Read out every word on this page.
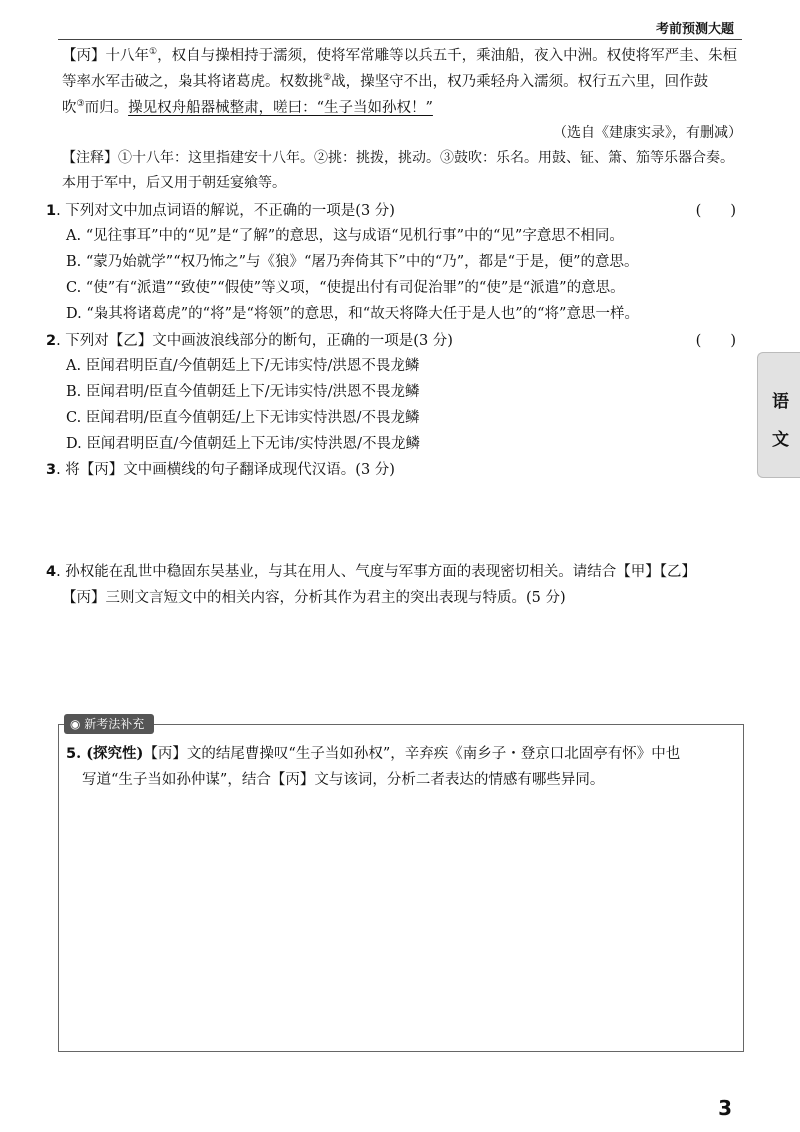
考前预测大题
【丙】十八年①，权自与操相持于濡须，使将军常雕等以兵五千，乘油船，夜入中洲。权使将军严圭、朱桓
等率水军击破之，枭其将诸葛虎。权数挑②战，操坚守不出，权乃乘轻舟入濡须。权行五六里，回作鼓
吹③而归。操见权舟船器械整肃，嗟曰：“生子当如孙权！”
（选自《建康实录》，有删减）
【注释】①十八年：这里指建安十八年。②挑：挑拨，挑动。③鼓吹：乐名。用鼓、钲、箫、笳等乐器合奏。
本用于军中，后又用于朝廷宴飨等。
1. 下列对文中加点词语的解说，不正确的一项是(3 分)	(　　)
A. “见往事耳”中的“见”是“了解”的意思，这与成语“见机行事”中的“见”字意思不相同。
B. “蒙乃始就学”“权乃怖之”与《狼》“屠乃奔倚其下”中的“乃”，都是“于是，便”的意思。
C. “使”有“派遣”“致使”“假使”等义项，“使提出付有司促治罪”的“使”是“派遣”的意思。
D. “枭其将诸葛虎”的“将”是“将领”的意思，和“故天将降大任于是人也”的“将”意思一样。
2. 下列对【乙】文中画波浪线部分的断句，正确的一项是(3 分)	(　　)
A. 臣闻君明臣直/今值朝廷上下/无讳实恃/洪恩不畏龙鳞
B. 臣闻君明/臣直今值朝廷上下/无讳实恃/洪恩不畏龙鳞
C. 臣闻君明/臣直今值朝廷/上下无讳实恃洪恩/不畏龙鳞
D. 臣闻君明臣直/今值朝廷上下无讳/实恃洪恩/不畏龙鳞
3. 将【丙】文中画横线的句子翻译成现代汉语。(3 分)
4. 孙权能在乱世中稳固东吴基业，与其在用人、气度与军事方面的表现密切相关。请结合【甲】【乙】
【丙】三则文言短文中的相关内容，分析其作为君主的突出表现与特质。(5 分)
语
文
◉ 新考法补充
5. (探究性)【丙】文的结尾曹操叹“生子当如孙权”，辛弃疾《南乡子・登京口北固亭有怀》中也
写道“生子当如孙仲谋”，结合【丙】文与该词，分析二者表达的情感有哪些异同。
3
